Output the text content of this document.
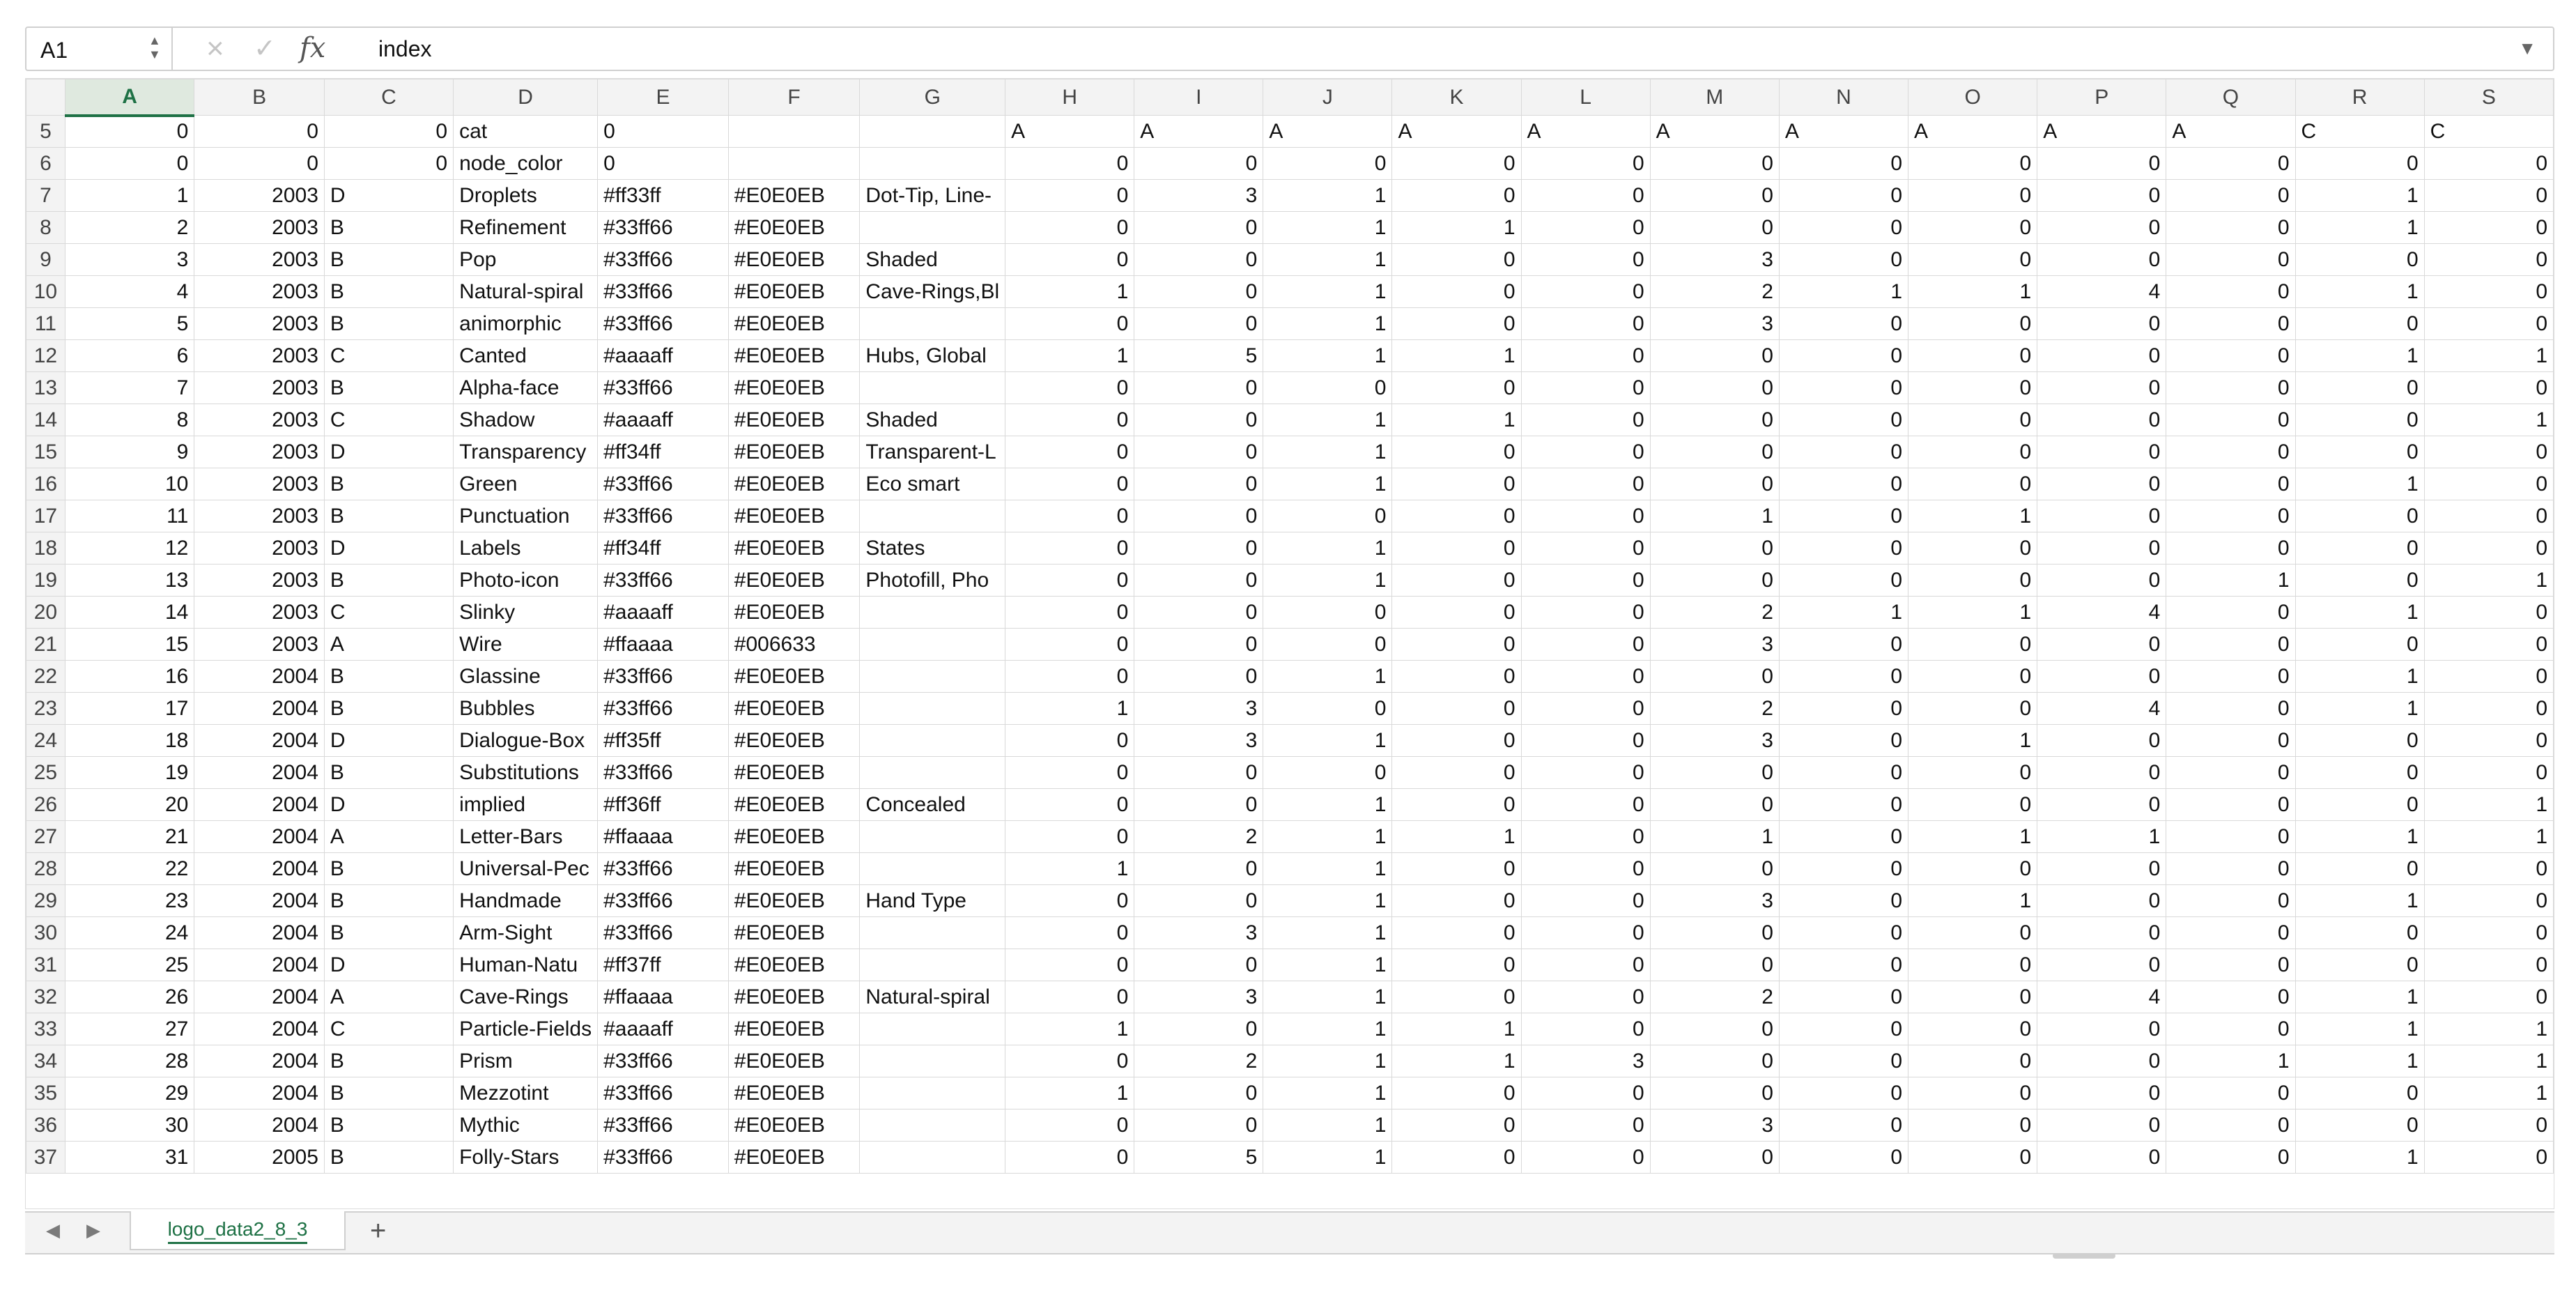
A1	▲
▼ × ✓ fx index	▼
	A	B	C	D	E	F	G	H	I	J	K	L	M	N	O	P	Q	R	S
5	0	0	0	cat	0			A	A	A	A	A	A	A	A	A	A	C	C
6	0	0	0	node_color	0			0	0	0	0	0	0	0	0	0	0	0	0
7	1	2003	D	Droplets	#ff33ff	#E0E0EB	Dot-Tip, Line-	0	3	1	0	0	0	0	0	0	0	1	0
8	2	2003	B	Refinement	#33ff66	#E0E0EB		0	0	1	1	0	0	0	0	0	0	1	0
9	3	2003	B	Pop	#33ff66	#E0E0EB	Shaded	0	0	1	0	0	3	0	0	0	0	0	0
10	4	2003	B	Natural-spiral	#33ff66	#E0E0EB	Cave-Rings,Bl	1	0	1	0	0	2	1	1	4	0	1	0
11	5	2003	B	animorphic	#33ff66	#E0E0EB		0	0	1	0	0	3	0	0	0	0	0	0
12	6	2003	C	Canted	#aaaaff	#E0E0EB	Hubs, Global	1	5	1	1	0	0	0	0	0	0	1	1
13	7	2003	B	Alpha-face	#33ff66	#E0E0EB		0	0	0	0	0	0	0	0	0	0	0	0
14	8	2003	C	Shadow	#aaaaff	#E0E0EB	Shaded	0	0	1	1	0	0	0	0	0	0	0	1
15	9	2003	D	Transparency	#ff34ff	#E0E0EB	Transparent-L	0	0	1	0	0	0	0	0	0	0	0	0
16	10	2003	B	Green	#33ff66	#E0E0EB	Eco smart	0	0	1	0	0	0	0	0	0	0	1	0
17	11	2003	B	Punctuation	#33ff66	#E0E0EB		0	0	0	0	0	1	0	1	0	0	0	0
18	12	2003	D	Labels	#ff34ff	#E0E0EB	States	0	0	1	0	0	0	0	0	0	0	0	0
19	13	2003	B	Photo-icon	#33ff66	#E0E0EB	Photofill, Pho	0	0	1	0	0	0	0	0	0	1	0	1
20	14	2003	C	Slinky	#aaaaff	#E0E0EB		0	0	0	0	0	2	1	1	4	0	1	0
21	15	2003	A	Wire	#ffaaaa	#006633		0	0	0	0	0	3	0	0	0	0	0	0
22	16	2004	B	Glassine	#33ff66	#E0E0EB		0	0	1	0	0	0	0	0	0	0	1	0
23	17	2004	B	Bubbles	#33ff66	#E0E0EB		1	3	0	0	0	2	0	0	4	0	1	0
24	18	2004	D	Dialogue-Box	#ff35ff	#E0E0EB		0	3	1	0	0	3	0	1	0	0	0	0
25	19	2004	B	Substitutions	#33ff66	#E0E0EB		0	0	0	0	0	0	0	0	0	0	0	0
26	20	2004	D	implied	#ff36ff	#E0E0EB	Concealed	0	0	1	0	0	0	0	0	0	0	0	1
27	21	2004	A	Letter-Bars	#ffaaaa	#E0E0EB		0	2	1	1	0	1	0	1	1	0	1	1
28	22	2004	B	Universal-Pec	#33ff66	#E0E0EB		1	0	1	0	0	0	0	0	0	0	0	0
29	23	2004	B	Handmade	#33ff66	#E0E0EB	Hand Type	0	0	1	0	0	3	0	1	0	0	1	0
30	24	2004	B	Arm-Sight	#33ff66	#E0E0EB		0	3	1	0	0	0	0	0	0	0	0	0
31	25	2004	D	Human-Natu	#ff37ff	#E0E0EB		0	0	1	0	0	0	0	0	0	0	0	0
32	26	2004	A	Cave-Rings	#ffaaaa	#E0E0EB	Natural-spiral	0	3	1	0	0	2	0	0	4	0	1	0
33	27	2004	C	Particle-Fields	#aaaaff	#E0E0EB		1	0	1	1	0	0	0	0	0	0	1	1
34	28	2004	B	Prism	#33ff66	#E0E0EB		0	2	1	1	3	0	0	0	0	1	1	1
35	29	2004	B	Mezzotint	#33ff66	#E0E0EB		1	0	1	0	0	0	0	0	0	0	0	1
36	30	2004	B	Mythic	#33ff66	#E0E0EB		0	0	1	0	0	3	0	0	0	0	0	0
37	31	2005	B	Folly-Stars	#33ff66	#E0E0EB		0	5	1	0	0	0	0	0	0	0	1	0
◀ ▶	logo_data2_8_3	+
